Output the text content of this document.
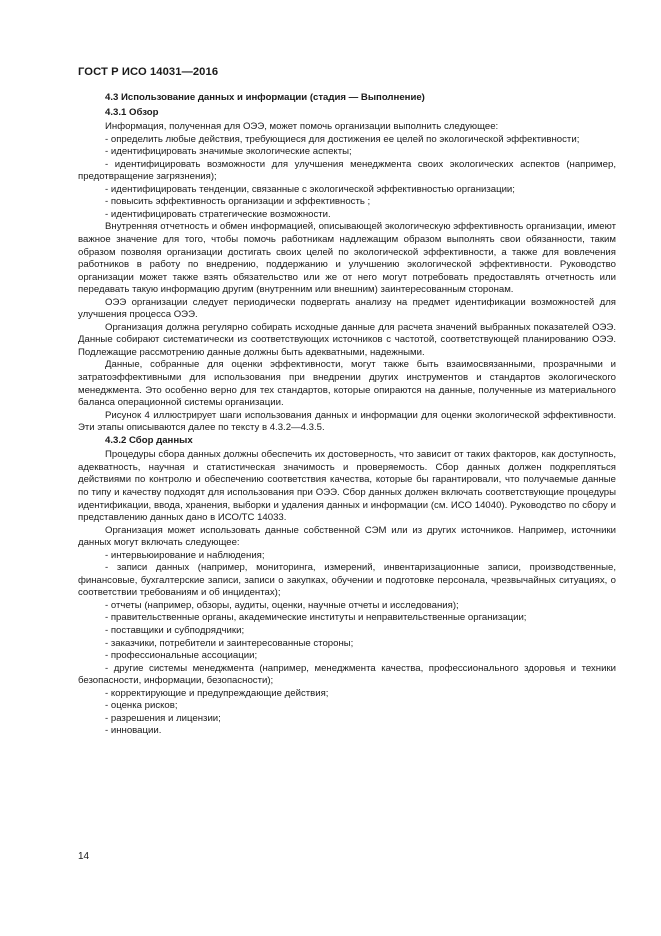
ГОСТ Р ИСО 14031—2016

4.3 Использование данных и информации (стадия — Выполнение)

4.3.1 Обзор

Информация, полученная для ОЭЭ, может помочь организации выполнить следующее:

- определить любые действия, требующиеся для достижения ее целей по экологической эффективности;

- идентифицировать значимые экологические аспекты;

- идентифицировать возможности для улучшения менеджмента своих экологических аспектов (например, предотвращение загрязнения);

- идентифицировать тенденции, связанные с экологической эффективностью организации;

- повысить эффективность организации и эффективность ;

- идентифицировать стратегические возможности.

Внутренняя отчетность и обмен информацией, описывающей экологическую эффективность организации, имеют важное значение для того, чтобы помочь работникам надлежащим образом выполнять свои обязанности, таким образом позволяя организации достигать своих целей по экологической эффективности, а также для вовлечения работников в работу по внедрению, поддержанию и улучшению экологической эффективности. Руководство организации может также взять обязательство или же от него могут потребовать предоставлять отчетность или передавать такую информацию другим (внутренним или внешним) заинтересованным сторонам.

ОЭЭ организации следует периодически подвергать анализу на предмет идентификации возможностей для улучшения процесса ОЭЭ.

Организация должна регулярно собирать исходные данные для расчета значений выбранных показателей ОЭЭ. Данные собирают систематически из соответствующих источников с частотой, соответствующей планированию ОЭЭ. Подлежащие рассмотрению данные должны быть адекватными, надежными.

Данные, собранные для оценки эффективности, могут также быть взаимосвязанными, прозрачными и затратоэффективными для использования при внедрении других инструментов и стандартов экологического менеджмента. Это особенно верно для тех стандартов, которые опираются на данные, полученные из материального баланса операционной системы организации.

Рисунок 4 иллюстрирует шаги использования данных и информации для оценки экологической эффективности. Эти этапы описываются далее по тексту в 4.3.2—4.3.5.

4.3.2 Сбор данных

Процедуры сбора данных должны обеспечить их достоверность, что зависит от таких факторов, как доступность, адекватность, научная и статистическая значимость и проверяемость. Сбор данных должен подкрепляться действиями по контролю и обеспечению соответствия качества, которые бы гарантировали, что получаемые данные по типу и качеству подходят для использования при ОЭЭ. Сбор данных должен включать соответствующие процедуры идентификации, ввода, хранения, выборки и удаления данных и информации (см. ИСО 14040). Руководство по сбору и представлению данных дано в ИСО/ТС 14033.

Организация может использовать данные собственной СЭМ или из других источников. Например, источники данных могут включать следующее:

- интервьюирование и наблюдения;

- записи данных (например, мониторинга, измерений, инвентаризационные записи, производственные, финансовые, бухгалтерские записи, записи о закупках, обучении и подготовке персонала, чрезвычайных ситуациях, о соответствии требованиям и об инцидентах);

- отчеты (например, обзоры, аудиты, оценки, научные отчеты и исследования);

- правительственные органы, академические институты и неправительственные организации;

- поставщики и субподрядчики;

- заказчики, потребители и заинтересованные стороны;

- профессиональные ассоциации;

- другие системы менеджмента (например, менеджмента качества, профессионального здоровья и техники безопасности, информации, безопасности);

- корректирующие и предупреждающие действия;

- оценка рисков;

- разрешения и лицензии;

- инновации.

14
